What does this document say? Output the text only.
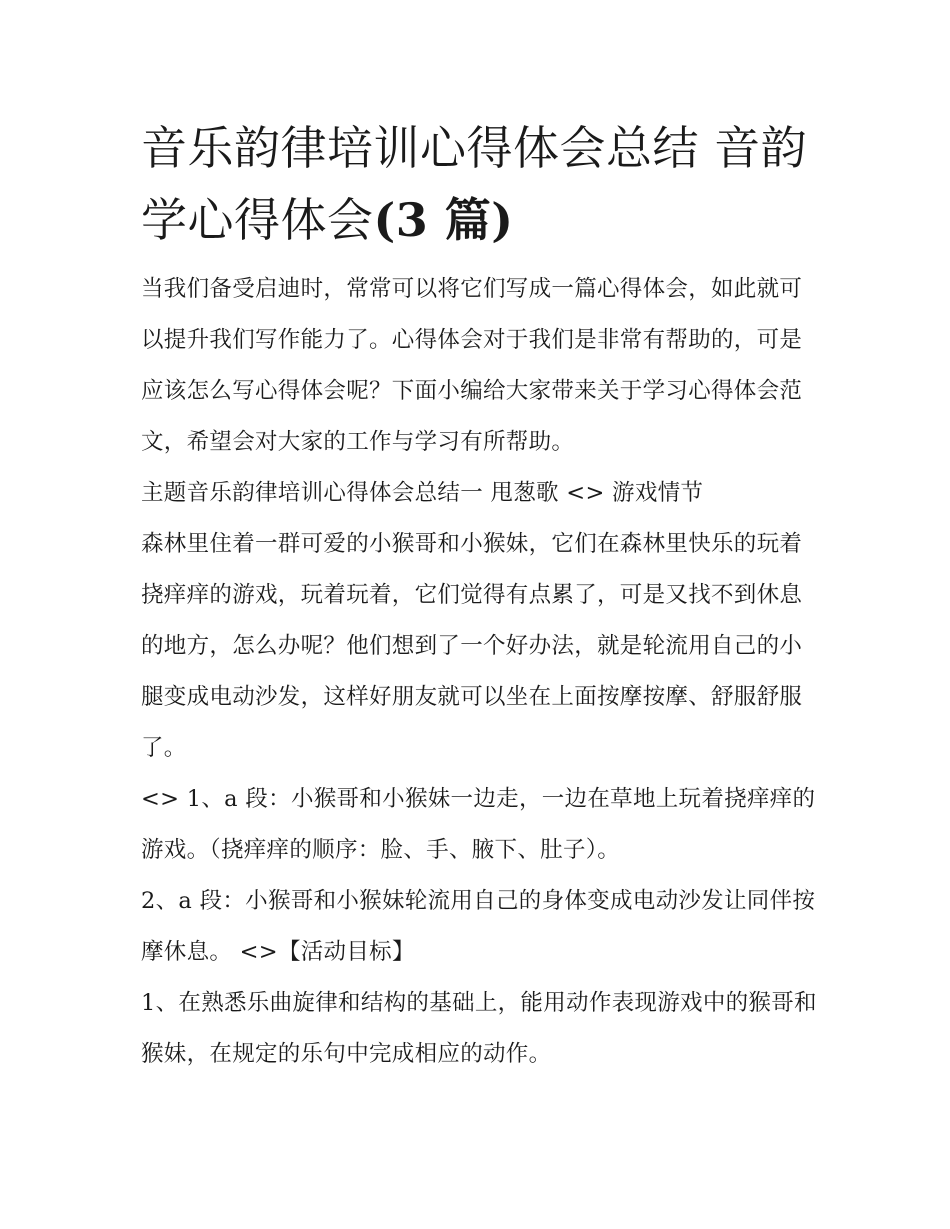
音乐韵律培训心得体会总结 音韵学心得体会(3 篇)

当我们备受启迪时，常常可以将它们写成一篇心得体会，如此就可以提升我们写作能力了。心得体会对于我们是非常有帮助的，可是应该怎么写心得体会呢？下面小编给大家带来关于学习心得体会范文，希望会对大家的工作与学习有所帮助。

主题音乐韵律培训心得体会总结一 甩葱歌 <> 游戏情节

森林里住着一群可爱的小猴哥和小猴妹，它们在森林里快乐的玩着挠痒痒的游戏，玩着玩着，它们觉得有点累了，可是又找不到休息的地方，怎么办呢？他们想到了一个好办法，就是轮流用自己的小腿变成电动沙发，这样好朋友就可以坐在上面按摩按摩、舒服舒服了。

<> 1、a 段：小猴哥和小猴妹一边走，一边在草地上玩着挠痒痒的游戏。（挠痒痒的顺序：脸、手、腋下、肚子）。

2、a 段：小猴哥和小猴妹轮流用自己的身体变成电动沙发让同伴按摩休息。 <>【活动目标】

1、在熟悉乐曲旋律和结构的基础上，能用动作表现游戏中的猴哥和猴妹，在规定的乐句中完成相应的动作。
